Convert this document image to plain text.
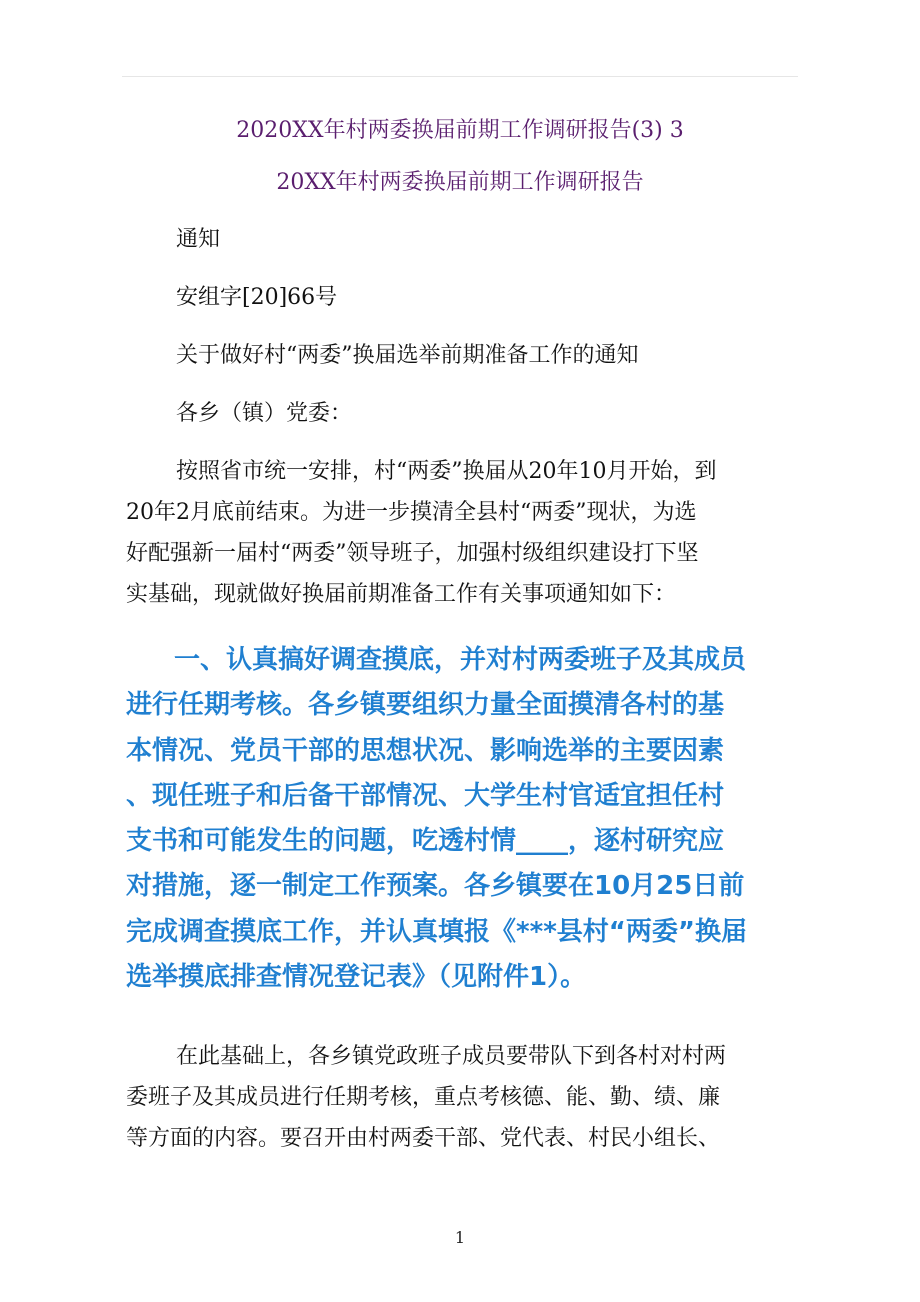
2020XX年村两委换届前期工作调研报告(3) 3
20XX年村两委换届前期工作调研报告
通知
安组字[20]66号
关于做好村“两委”换届选举前期准备工作的通知
各乡（镇）党委：
按照省市统一安排，村“两委”换届从20年10月开始，到
20年2月底前结束。为进一步摸清全县村“两委”现状，为选
好配强新一届村“两委”领导班子，加强村级组织建设打下坚
实基础，现就做好换届前期准备工作有关事项通知如下：
一、认真搞好调查摸底，并对村两委班子及其成员
进行任期考核。各乡镇要组织力量全面摸清各村的基
本情况、党员干部的思想状况、影响选举的主要因素
、现任班子和后备干部情况、大学生村官适宜担任村
支书和可能发生的问题，吃透村情____，逐村研究应
对措施，逐一制定工作预案。各乡镇要在10月25日前
完成调查摸底工作，并认真填报《***县村“两委”换届
选举摸底排查情况登记表》（见附件1）。
在此基础上，各乡镇党政班子成员要带队下到各村对村两
委班子及其成员进行任期考核，重点考核德、能、勤、绩、廉
等方面的内容。要召开由村两委干部、党代表、村民小组长、
1
